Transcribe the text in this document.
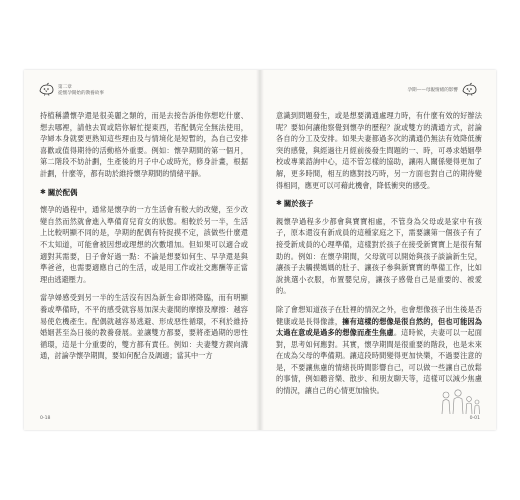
第二章
從懷孕開始的教養故事

持植稱讚懷孕還是很美麗之類的，而是去接告訴他你想吃什麼、想去哪裡，請他去買或陪你解忙提東西，若配偶完全無法使用，孕婦本身就要更熟知這些理由及与情境化是短暫的，為自己安排喜歡或值得期待的活動格外重要。例如：懷孕期間的第一個月，第二階段不妨計劃，生產後的月子中心或時光，修身計畫，根据計劃，什麼等，都有助於維持懷孕期間的情緒平靜。

✱ 關於配偶

懷孕的過程中，通常是懷孕的一方生活會有較大的改變，至少改變自然而然就會進入準備育兒育女的狀態。相較於另一半，生活上比較明顯不同的是，孕期的配偶有特捉摸不定，該做些什麼還不太知道，可能會被因想或理想的次數增加。但如果可以適合或適對其需要，日子會好過一點：不論是想要如何生、早孕還是與準爸爸，也需要適應自己的生活，或是用工作或社交應酬等正當理由逃避壓力。

當孕婦感受到另一半的生活沒有因為新生命即將降臨，而有明顯養或準備時，不平的感受就容易加深夫妻間的摩擦及摩擦：越容易使危機產生。配偶就越容易逃避、形成惡性循環，不利於維持婚姻甚至為日後的教養發展。並讓雙方都要，要將產過期的惡性循環，這是十分重要的，雙方都有責任。例如：夫妻雙方鍥向溝通，討論孕懷孕期間，要如何配合及調適；當其中一方

0-18
孕期——母親情緒的影響

意識到問題發生，或是想要溝通處理力時，有什麼有效的好辦法呢？要如何讓他察覺到懷孕的歷程？說或雙方的溝通方式，討論各自的分工及安排。如果夫妻都過多次的溝通仍無法有效降低衝突的感覺，與經過往月經前後發生問題的一、時，可尋求婚姻學校或專業諮詢中心，這不管怎樣的協助，讓兩人關係變得更加了解，更多時間，相互的應對技巧時，另一方面也對自己的期待變得相同，應更可以可藉此機會，降低衝突的感受。

✱ 關於孩子

親懷孕過程多少都會與寶寶相處，不管身為父母或是家中有孩子，原本還沒有新成員的這種家庭之下，需要讓第一個孩子有了接受新成員的心理準備，這樣對於孩子在接受新寶寶上是很有幫助的。例如：在懷孕期間，父母就可以開始與孩子談論新生兒，讓孩子去觸摸媽媽的肚子、讓孩子參與新寶寶的準備工作，比如說挑選小衣服，布置嬰兒房，讓孩子感覺自己是重要的、被愛的。

除了會想知道孩子在肚裡的情況之外，也會想像孩子出生後是否健康或是長得像誰，擁有這樣的想像是很自然的，但也可能因為太過在意或是過多的想像而產生焦慮。這時候，夫妻可以一起面對，思考如何應對。其實，懷孕期間是很重要的階段，也是未來在成為父母的準備期。讓這段時間變得更加快樂，不過要注意的是，不要讓焦慮的情緒長時間影響自己，可以做一些讓自己放鬆的事情，例如聽音樂、散步、和朋友聊天等，這樣可以減少焦慮的情況，讓自己的心情更加愉快。

0-01
